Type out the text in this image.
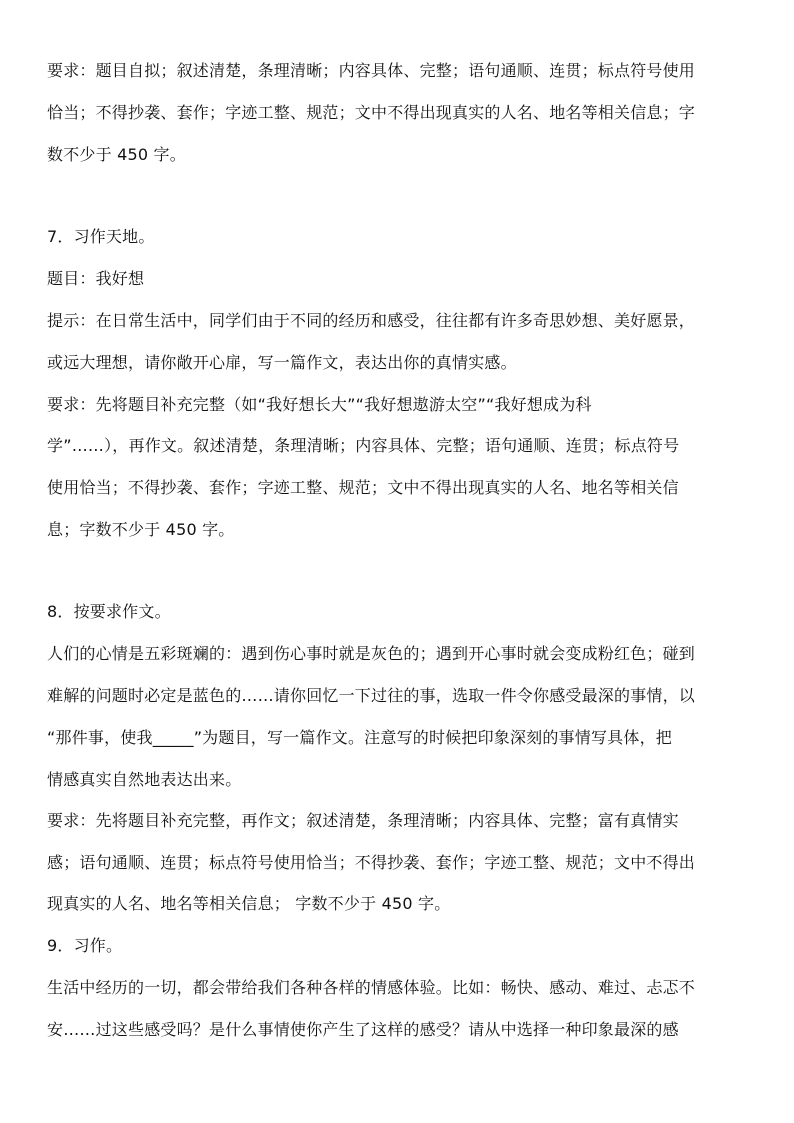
要求：题目自拟；叙述清楚，条理清晰；内容具体、完整；语句通顺、连贯；标点符号使用
恰当；不得抄袭、套作；字迹工整、规范；文中不得出现真实的人名、地名等相关信息；字
数不少于 450 字。
7．习作天地。
题目：我好想
提示：在日常生活中，同学们由于不同的经历和感受，往往都有许多奇思妙想、美好愿景，
或远大理想，请你敞开心扉，写一篇作文，表达出你的真情实感。
要求：先将题目补充完整（如“我好想长大”“我好想遨游太空”“我好想成为科
学”……），再作文。叙述清楚，条理清晰；内容具体、完整；语句通顺、连贯；标点符号
使用恰当；不得抄袭、套作；字迹工整、规范；文中不得出现真实的人名、地名等相关信
息；字数不少于 450 字。
8．按要求作文。
人们的心情是五彩斑斓的：遇到伤心事时就是灰色的；遇到开心事时就会变成粉红色；碰到
难解的问题时必定是蓝色的……请你回忆一下过往的事，选取一件令你感受最深的事情，以
“那件事，使我_____”为题目，写一篇作文。注意写的时候把印象深刻的事情写具体，把
情感真实自然地表达出来。
要求：先将题目补充完整，再作文；叙述清楚，条理清晰；内容具体、完整；富有真情实
感；语句通顺、连贯；标点符号使用恰当；不得抄袭、套作；字迹工整、规范；文中不得出
现真实的人名、地名等相关信息； 字数不少于 450 字。
9．习作。
生活中经历的一切，都会带给我们各种各样的情感体验。比如：畅快、感动、难过、忐忑不
安……过这些感受吗？是什么事情使你产生了这样的感受？请从中选择一种印象最深的感
